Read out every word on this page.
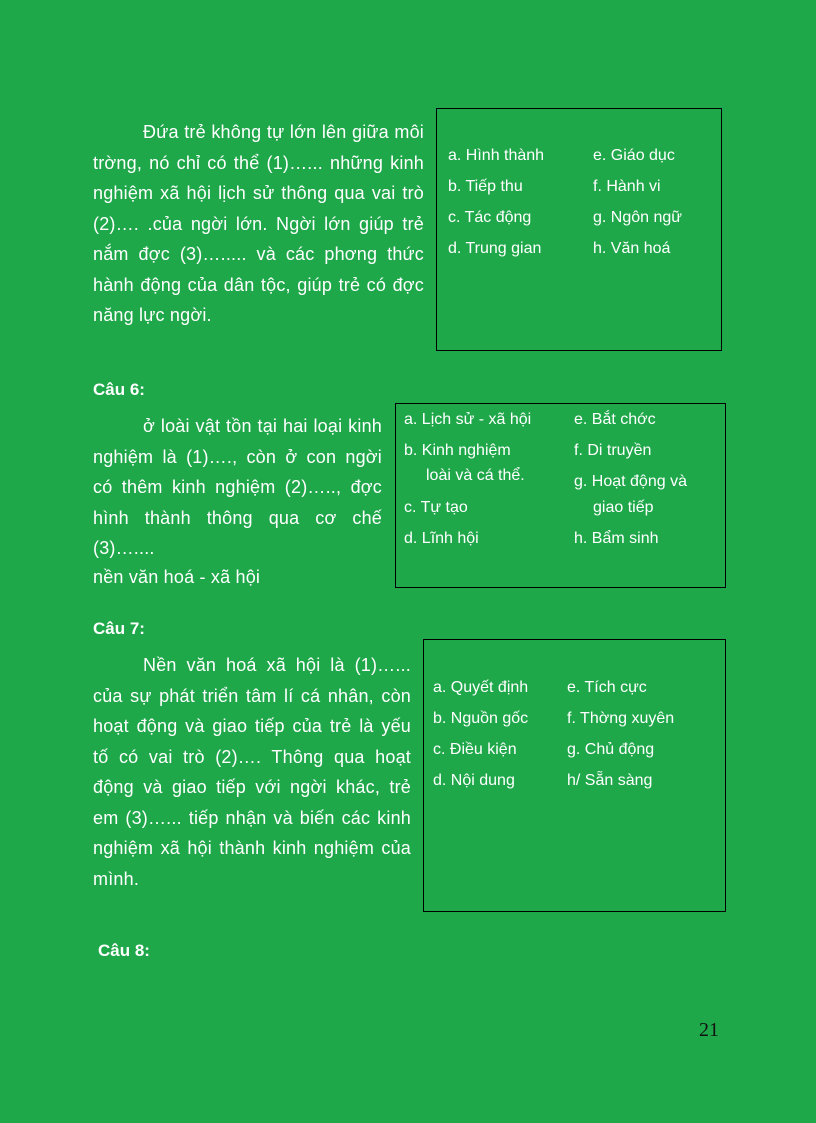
Đứa trẻ không tự lớn lên giữa môi trờng, nó chỉ có thể (1)…... những kinh nghiệm xã hội lịch sử thông qua vai trò (2)…. .của ngời lớn. Ngời lớn giúp trẻ nắm đợc (3)…..... và các phơng thức hành động của dân tộc, giúp trẻ có đợc năng lực ngời.
a. Hình thành
b. Tiếp thu
c. Tác động
d. Trung gian
e. Giáo dục
f. Hành vi
g. Ngôn ngữ
h. Văn hoá
Câu 6:
ở loài vật tồn tại hai loại kinh nghiệm là (1)…., còn ở con ngời có thêm kinh nghiệm (2)….., đợc hình thành thông qua cơ chế (3)…....
nền văn hoá - xã hội
a. Lịch sử - xã hội
b. Kinh nghiệm
loài và cá thể.
c. Tự tạo
d. Lĩnh hội
e. Bắt chớc
f. Di truyền
g. Hoạt động và
giao tiếp
h. Bẩm sinh
Câu 7:
Nền văn hoá xã hội là (1)…... của sự phát triển tâm lí cá nhân, còn hoạt động và giao tiếp của trẻ là yếu tố có vai trò (2)…. Thông qua hoạt động và giao tiếp với ngời khác, trẻ em (3)…... tiếp nhận và biến các kinh nghiệm xã hội thành kinh nghiệm của mình.
a. Quyết định
b. Nguồn gốc
c. Điều kiện
d. Nội dung
e. Tích cực
f. Thờng xuyên
g. Chủ động
h/ Sẵn sàng
Câu 8:
21
